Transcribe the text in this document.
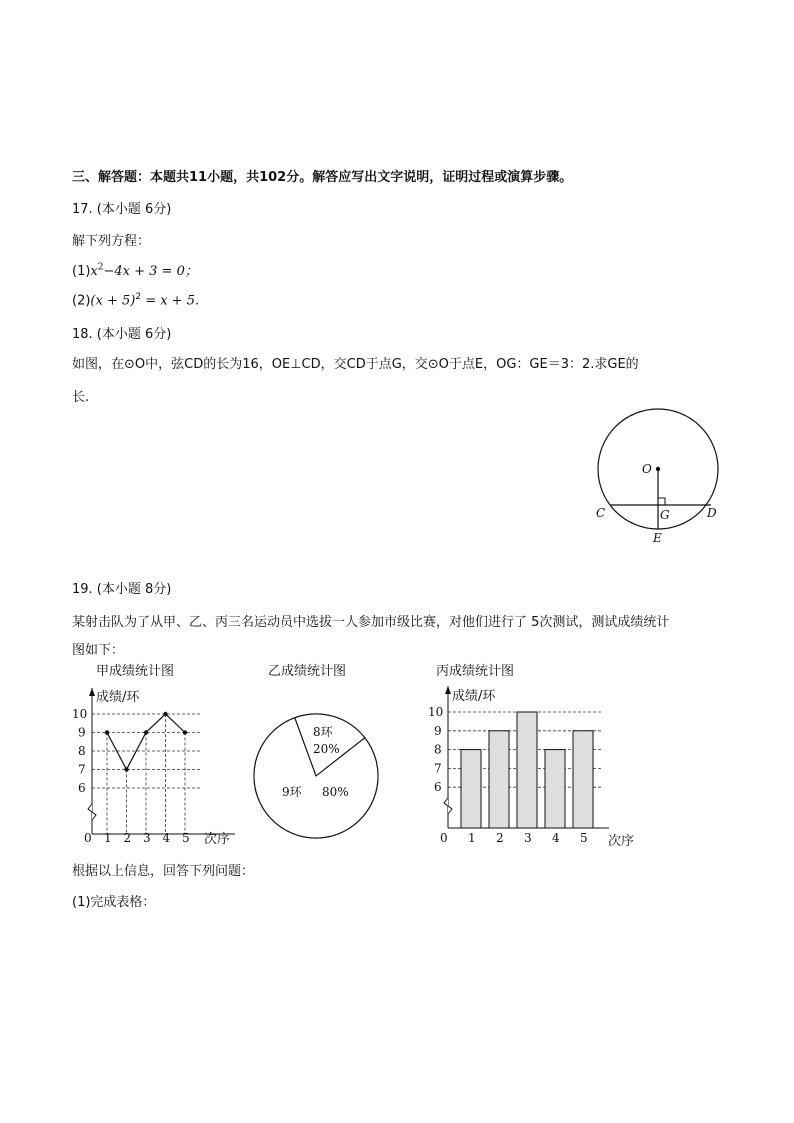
三、解答题：本题共11小题，共102分。解答应写出文字说明，证明过程或演算步骤。
17. (本小题 6分)
解下列方程：
$(1)x^2-4x + 3 = 0$；
$(2)(x + 5)^2 = x + 5$.
18. (本小题 6分)
如图，在⊙O中，弦CD的长为16，OE⊥CD，交CD于点G，交⊙O于点E，OG：GE＝3：2.求GE的
长.
O
C	G	D
E
19. (本小题 8分)
某射击队为了从甲、乙、丙三名运动员中选拔一人参加市级比赛，对他们进行了 5次测试，测试成绩统计
图如下：
甲成绩统计图
成绩/环
次序
0
6
7
8
9
10
1 2 3 4 5
乙成绩统计图
8环
20%
9环 80%
丙成绩统计图
成绩/环
次序
0
6
7
8
9
10
1 2 3 4 5
根据以上信息，回答下列问题：
(1)完成表格：
